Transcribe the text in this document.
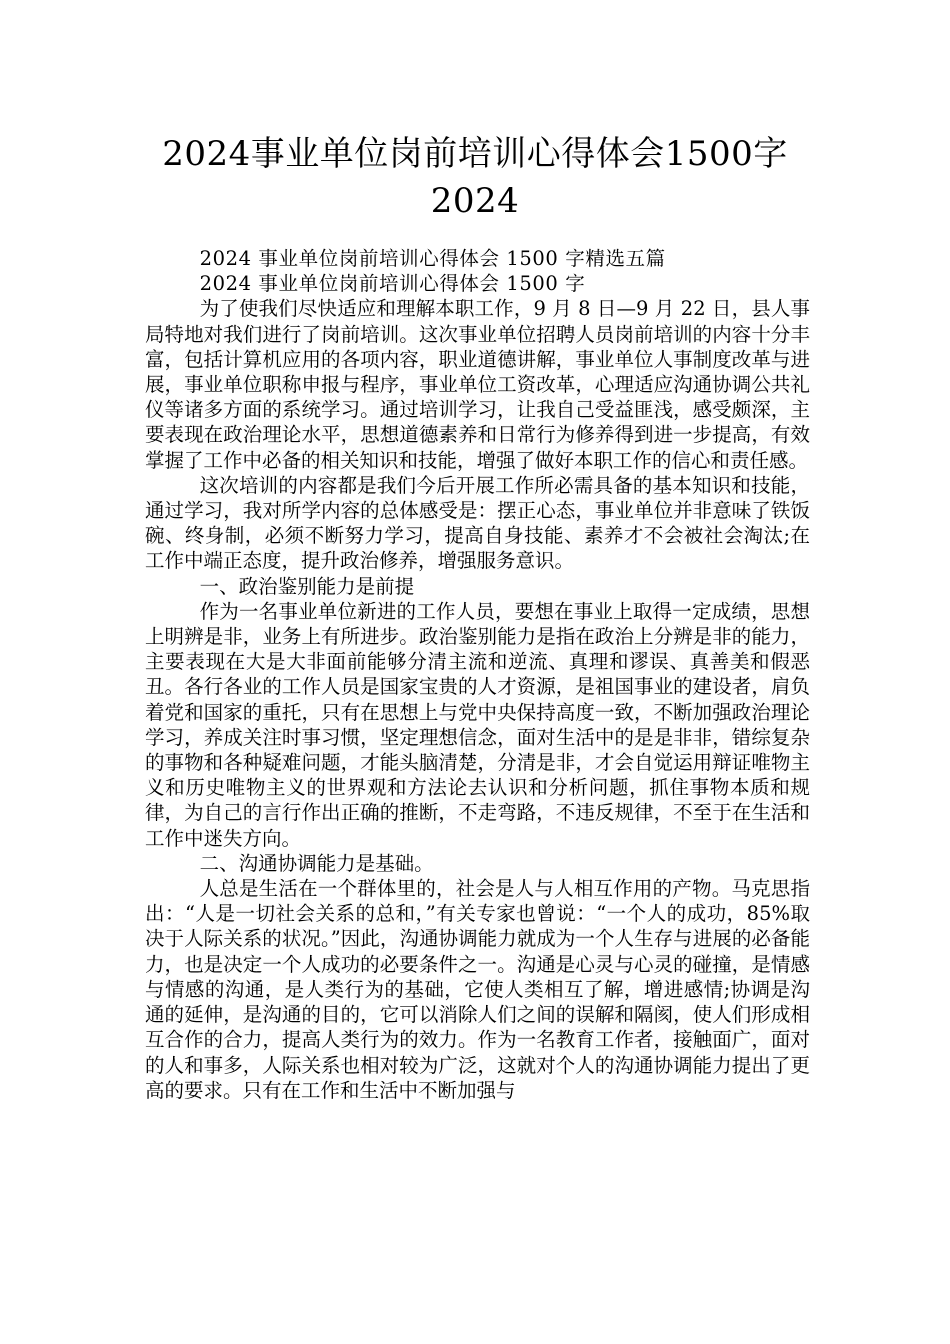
2024事业单位岗前培训心得体会1500字
2024

2024 事业单位岗前培训心得体会 1500 字精选五篇

2024 事业单位岗前培训心得体会 1500 字

为了使我们尽快适应和理解本职工作，9 月 8 日—9 月 22 日，县人事局特地对我们进行了岗前培训。这次事业单位招聘人员岗前培训的内容十分丰富，包括计算机应用的各项内容，职业道德讲解，事业单位人事制度改革与进展，事业单位职称申报与程序，事业单位工资改革，心理适应沟通协调公共礼仪等诸多方面的系统学习。通过培训学习，让我自己受益匪浅，感受颇深，主要表现在政治理论水平，思想道德素养和日常行为修养得到进一步提高，有效掌握了工作中必备的相关知识和技能，增强了做好本职工作的信心和责任感。

这次培训的内容都是我们今后开展工作所必需具备的基本知识和技能，通过学习，我对所学内容的总体感受是：摆正心态，事业单位并非意味了铁饭碗、终身制，必须不断努力学习，提高自身技能、素养才不会被社会淘汰;在工作中端正态度，提升政治修养，增强服务意识。

一、政治鉴别能力是前提

作为一名事业单位新进的工作人员，要想在事业上取得一定成绩，思想上明辨是非，业务上有所进步。政治鉴别能力是指在政治上分辨是非的能力，主要表现在大是大非面前能够分清主流和逆流、真理和谬误、真善美和假恶丑。各行各业的工作人员是国家宝贵的人才资源，是祖国事业的建设者，肩负着党和国家的重托，只有在思想上与党中央保持高度一致，不断加强政治理论学习，养成关注时事习惯，坚定理想信念，面对生活中的是是非非，错综复杂的事物和各种疑难问题，才能头脑清楚，分清是非，才会自觉运用辩证唯物主义和历史唯物主义的世界观和方法论去认识和分析问题，抓住事物本质和规律，为自己的言行作出正确的推断，不走弯路，不违反规律，不至于在生活和工作中迷失方向。

二、沟通协调能力是基础。

人总是生活在一个群体里的，社会是人与人相互作用的产物。马克思指出：“人是一切社会关系的总和，”有关专家也曾说：“一个人的成功，85%取决于人际关系的状况。”因此，沟通协调能力就成为一个人生存与进展的必备能力，也是决定一个人成功的必要条件之一。沟通是心灵与心灵的碰撞，是情感与情感的沟通，是人类行为的基础，它使人类相互了解，增进感情;协调是沟通的延伸，是沟通的目的，它可以消除人们之间的误解和隔阂，使人们形成相互合作的合力，提高人类行为的效力。作为一名教育工作者，接触面广，面对的人和事多，人际关系也相对较为广泛，这就对个人的沟通协调能力提出了更高的要求。只有在工作和生活中不断加强与
